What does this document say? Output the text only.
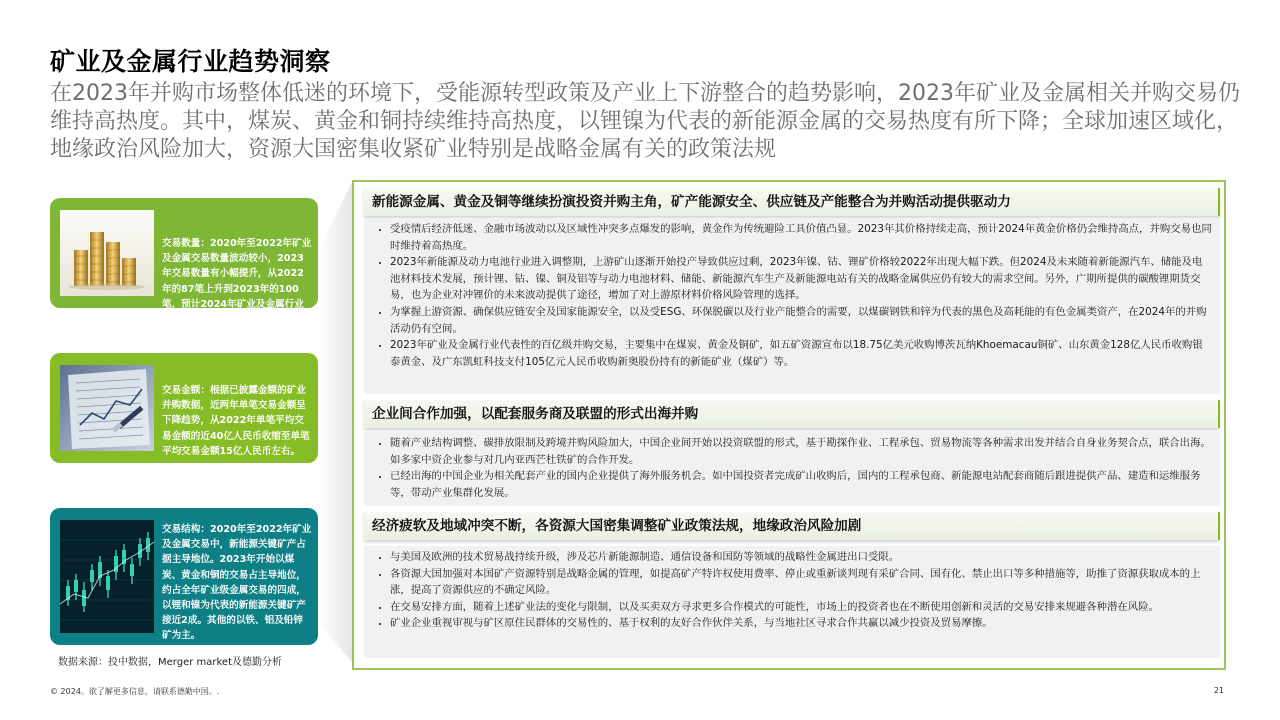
矿业及金属行业趋势洞察
在2023年并购市场整体低迷的环境下，受能源转型政策及产业上下游整合的趋势影响，2023年矿业及金属相关并购交易仍维持高热度。其中，煤炭、黄金和铜持续维持高热度，以锂镍为代表的新能源金属的交易热度有所下降；全球加速区域化，地缘政治风险加大，资源大国密集收紧矿业特别是战略金属有关的政策法规
交易数量：2020年至2022年矿业及金属交易数量波动较小，2023年交易数量有小幅提升，从2022年的87笔上升到2023年的100笔，预计2024年矿业及金属行业并购热度将会持续。
交易金额：根据已披露金额的矿业并购数据，近两年单笔交易金额呈下降趋势，从2022年单笔平均交易金额的近40亿人民币收缩至单笔平均交易金额15亿人民币左右。
交易结构：2020年至2022年矿业及金属交易中，新能源关键矿产占据主导地位。2023年开始以煤炭、黄金和铜的交易占主导地位，约占全年矿业级金属交易的四成，以锂和镍为代表的新能源关键矿产接近2成。其他的以铁、铝及铅锌矿为主。
数据来源：投中数据，Merger market及德勤分析
新能源金属、黄金及铜等继续扮演投资并购主角，矿产能源安全、供应链及产能整合为并购活动提供驱动力
• 受疫情后经济低迷、金融市场波动以及区域性冲突多点爆发的影响，黄金作为传统避险工具价值凸显。2023年其价格持续走高，预计2024年黄金价格仍会维持高点，并购交易也同时维持着高热度。
• 2023年新能源及动力电池行业进入调整期，上游矿山逐渐开始投产导致供应过剩，2023年镍、钴、锂矿价格较2022年出现大幅下跌。但2024及未来随着新能源汽车、储能及电池材料技术发展，预计锂、钴、镍、铜及铝等与动力电池材料、储能、新能源汽车生产及新能源电站有关的战略金属供应仍有较大的需求空间。另外，广期所提供的碳酸锂期货交易，也为企业对冲锂价的未来波动提供了途径，增加了对上游原材料价格风险管理的选择。
• 为掌握上游资源、确保供应链安全及国家能源安全，以及受ESG、环保脱碳以及行业产能整合的需要，以煤碳钢铁和锌为代表的黑色及高耗能的有色金属类资产，在2024年的并购活动仍有空间。
• 2023年矿业及金属行业代表性的百亿级并购交易，主要集中在煤炭、黄金及铜矿，如五矿资源宣布以18.75亿美元收购博茨瓦纳Khoemacau铜矿、山东黄金128亿人民币收购银泰黄金、及广东凯虹科技支付105亿元人民币收购新奥股份持有的新能矿业（煤矿）等。
企业间合作加强，以配套服务商及联盟的形式出海并购
• 随着产业结构调整、碳排放限制及跨境并购风险加大，中国企业间开始以投资联盟的形式，基于勘探作业、工程承包、贸易物流等各种需求出发并结合自身业务契合点，联合出海。如多家中资企业参与对几内亚西芒杜铁矿的合作开发。
• 已经出海的中国企业为相关配套产业的国内企业提供了海外服务机会。如中国投资者完成矿山收购后，国内的工程承包商、新能源电站配套商随后跟进提供产品、建造和运维服务等，带动产业集群化发展。
经济疲软及地域冲突不断，各资源大国密集调整矿业政策法规，地缘政治风险加剧
• 与美国及欧洲的技术贸易战持续升级，涉及芯片新能源制造、通信设备和国防等领域的战略性金属进出口受限。
• 各资源大国加强对本国矿产资源特别是战略金属的管理，如提高矿产特许权使用费率、停止或重新谈判现有采矿合同、国有化、禁止出口等多种措施等，助推了资源获取成本的上涨，提高了资源供应的不确定风险。
• 在交易安排方面，随着上述矿业法的变化与限制，以及买卖双方寻求更多合作模式的可能性，市场上的投资者也在不断使用创新和灵活的交易安排来规避各种潜在风险。
• 矿业企业重视审视与矿区原住民群体的交易性的、基于权利的友好合作伙伴关系，与当地社区寻求合作共赢以减少投资及贸易摩擦。
© 2024。欲了解更多信息，请联系德勤中国。.	21
